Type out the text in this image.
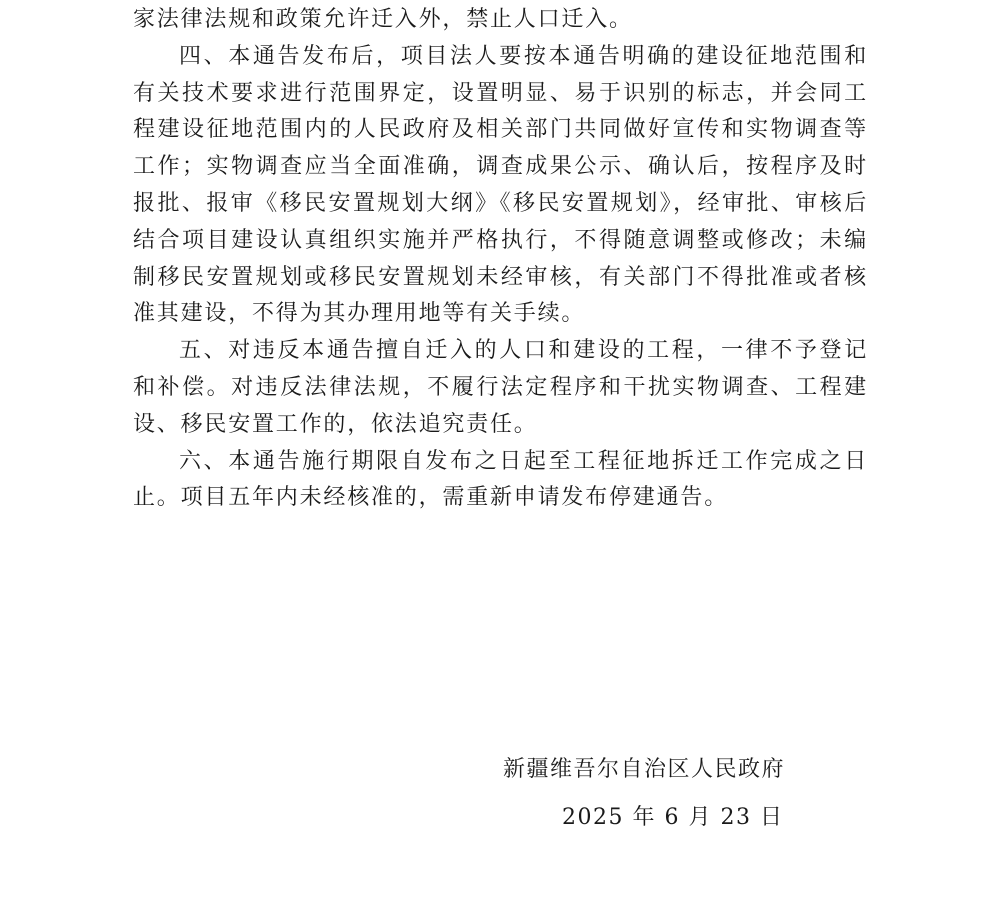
家法律法规和政策允许迁入外，禁止人口迁入。

四、本通告发布后，项目法人要按本通告明确的建设征地范围和有关技术要求进行范围界定，设置明显、易于识别的标志，并会同工程建设征地范围内的人民政府及相关部门共同做好宣传和实物调查等工作；实物调查应当全面准确，调查成果公示、确认后，按程序及时报批、报审《移民安置规划大纲》《移民安置规划》，经审批、审核后结合项目建设认真组织实施并严格执行，不得随意调整或修改；未编制移民安置规划或移民安置规划未经审核，有关部门不得批准或者核准其建设，不得为其办理用地等有关手续。

五、对违反本通告擅自迁入的人口和建设的工程，一律不予登记和补偿。对违反法律法规，不履行法定程序和干扰实物调查、工程建设、移民安置工作的，依法追究责任。

六、本通告施行期限自发布之日起至工程征地拆迁工作完成之日止。项目五年内未经核准的，需重新申请发布停建通告。

新疆维吾尔自治区人民政府
2025 年 6 月 23 日
